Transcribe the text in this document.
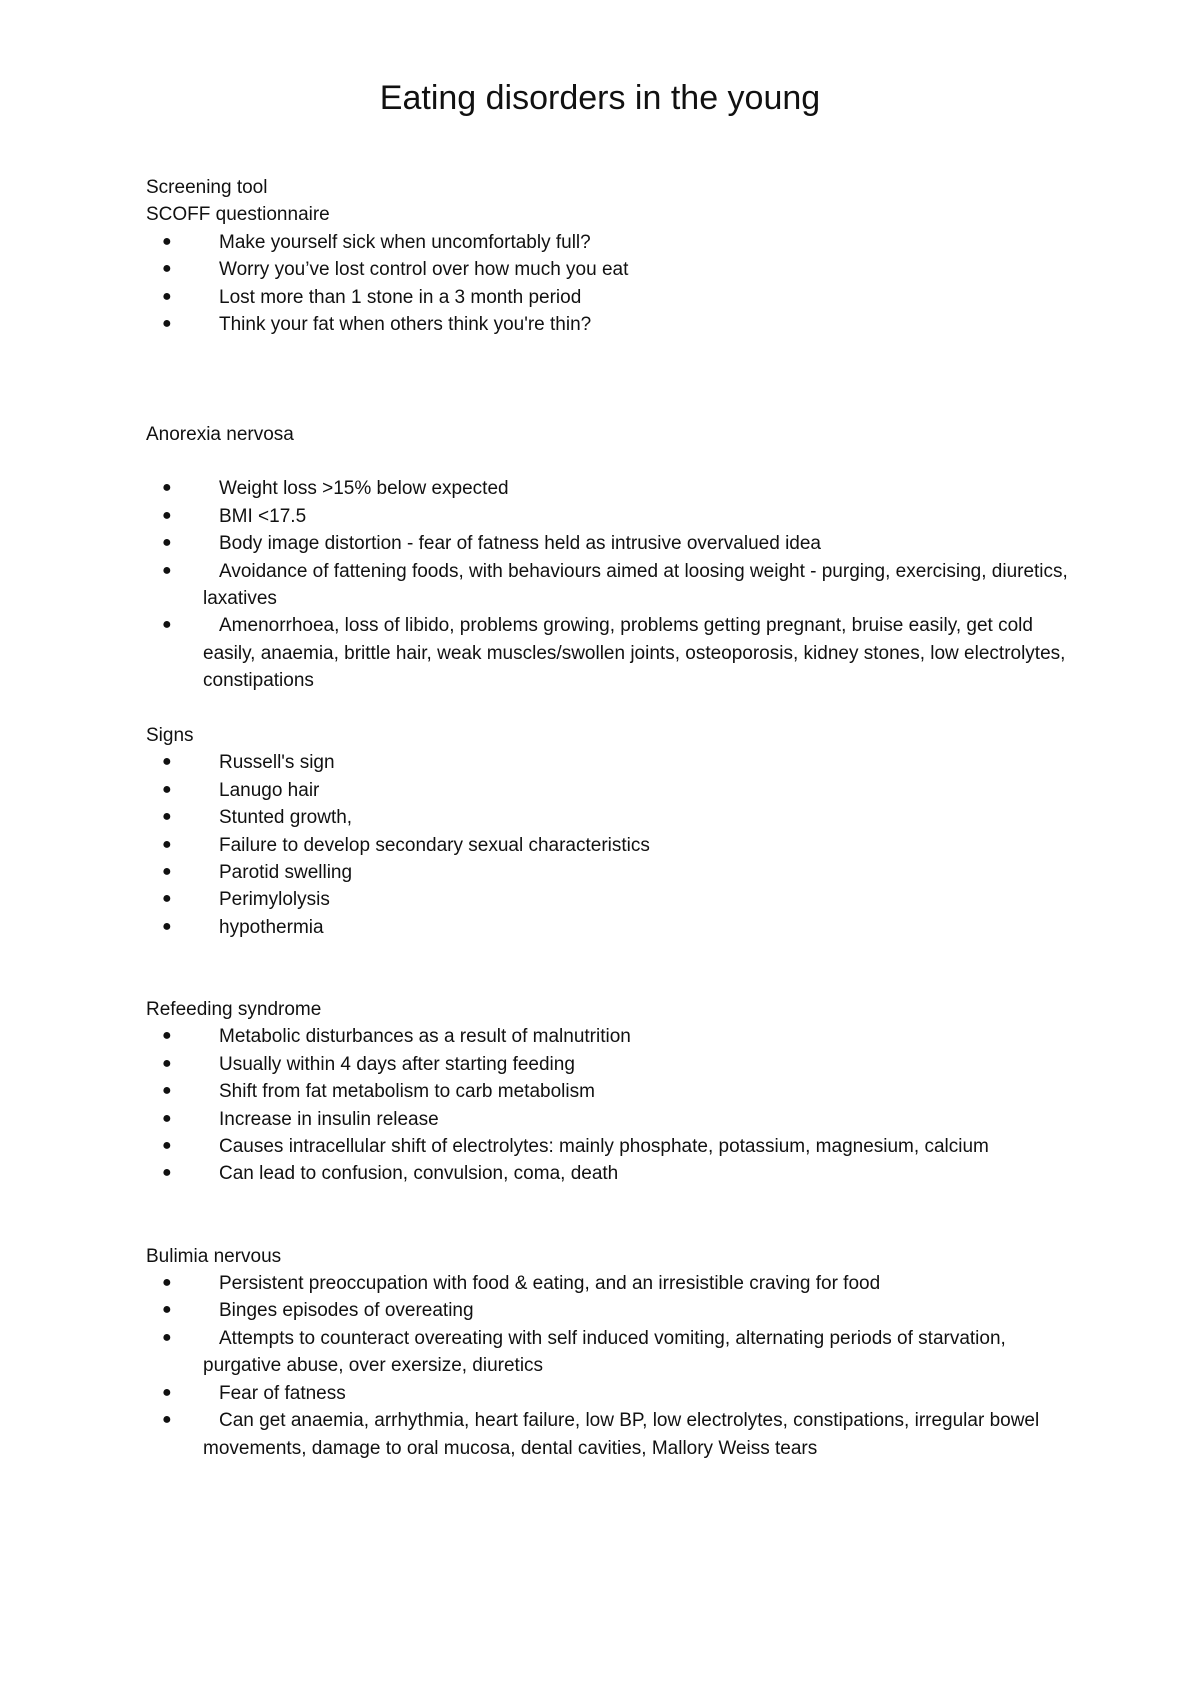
Eating disorders in the young
Screening tool
SCOFF questionnaire
● Make yourself sick when uncomfortably full?
● Worry you’ve lost control over how much you eat
● Lost more than 1 stone in a 3 month period
● Think your fat when others think you're thin?
Anorexia nervosa
● Weight loss >15% below expected
● BMI <17.5
● Body image distortion - fear of fatness held as intrusive overvalued idea
●	Avoidance of fattening foods, with behaviours aimed at loosing weight - purging, exercising, diuretics, laxatives
●	Amenorrhoea, loss of libido, problems growing, problems getting pregnant, bruise easily, get cold easily, anaemia, brittle hair, weak muscles/swollen joints, osteoporosis, kidney stones, low electrolytes, constipations
Signs
● Russell's sign
● Lanugo hair
● Stunted growth,
● Failure to develop secondary sexual characteristics
● Parotid swelling
● Perimylolysis
● hypothermia
Refeeding syndrome
● Metabolic disturbances as a result of malnutrition
● Usually within 4 days after starting feeding
● Shift from fat metabolism to carb metabolism
● Increase in insulin release
● Causes intracellular shift of electrolytes: mainly phosphate, potassium, magnesium, calcium
● Can lead to confusion, convulsion, coma, death
Bulimia nervous
● Persistent preoccupation with food & eating, and an irresistible craving for food
● Binges episodes of overeating
●	Attempts to counteract overeating with self induced vomiting, alternating periods of starvation, purgative abuse, over exersize, diuretics
● Fear of fatness
●	Can get anaemia, arrhythmia, heart failure, low BP, low electrolytes, constipations, irregular bowel movements, damage to oral mucosa, dental cavities, Mallory Weiss tears
